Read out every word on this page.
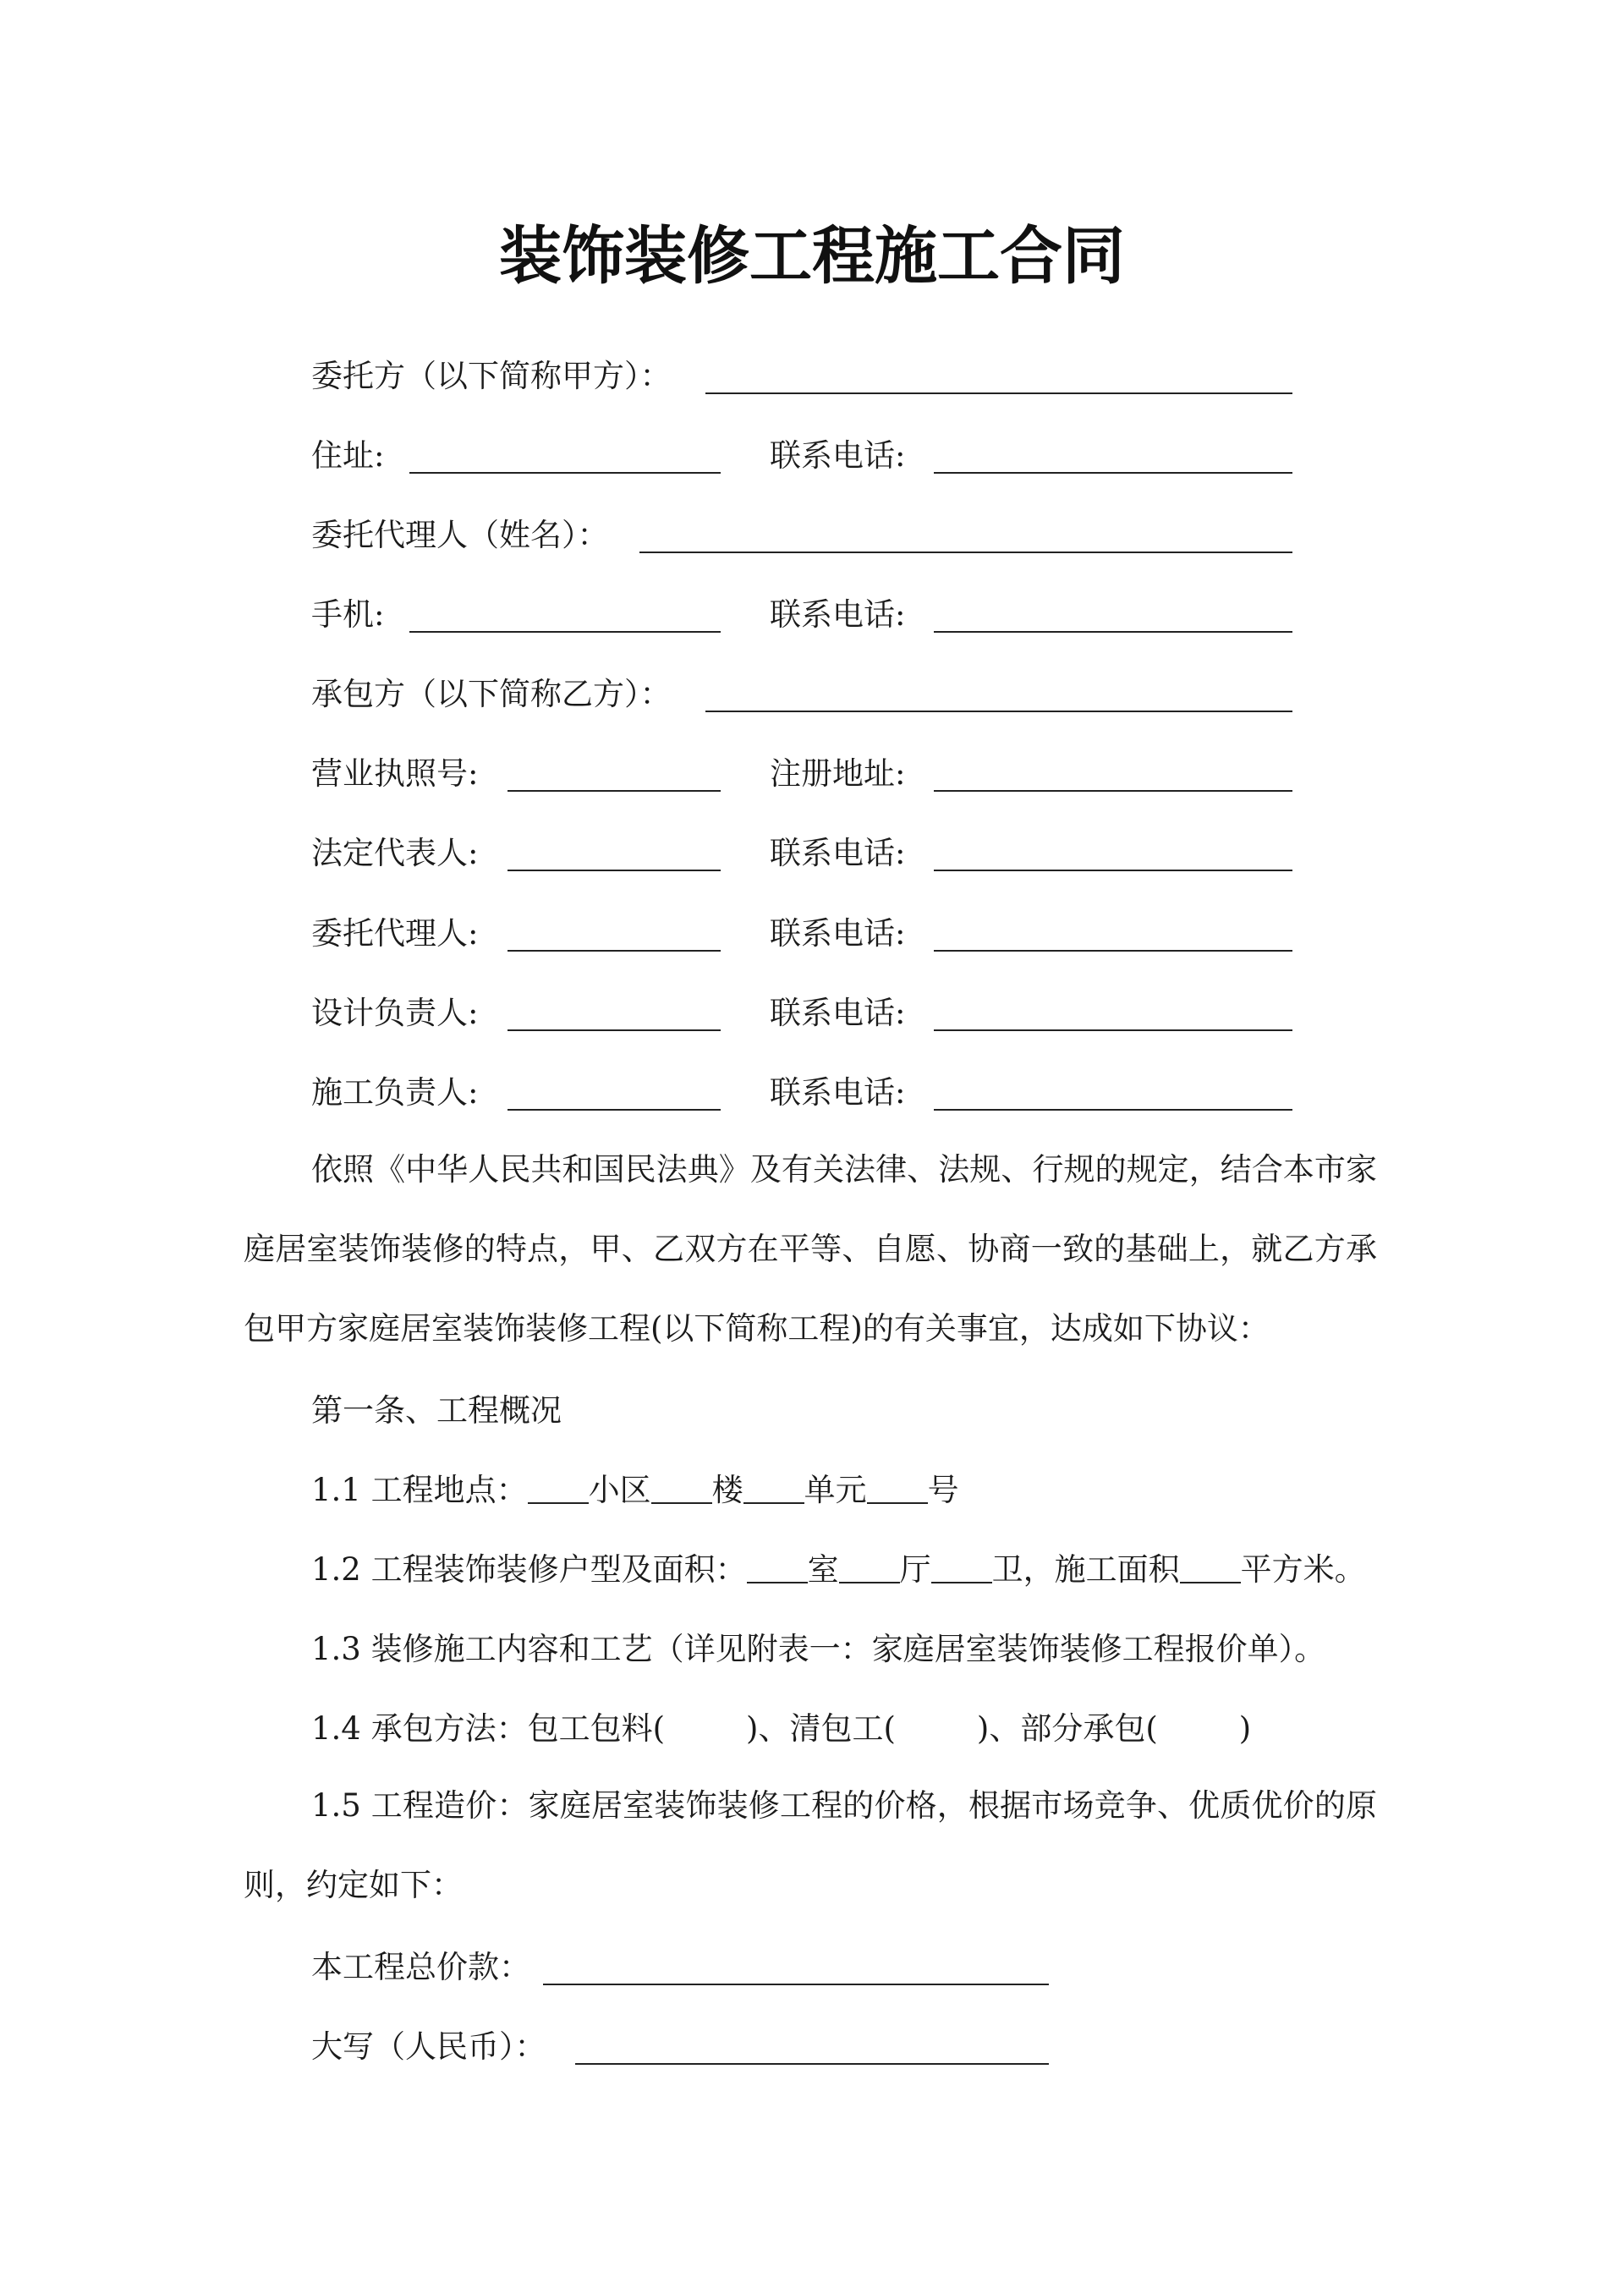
装饰装修工程施工合同
委托方（以下简称甲方）：
住址:	联系电话:
委托代理人（姓名）：
手机:	联系电话:
承包方（以下简称乙方）：
营业执照号:	注册地址:
法定代表人:	联系电话:
委托代理人:	联系电话:
设计负责人:	联系电话:
施工负责人:	联系电话:
依照《中华人民共和国民法典》及有关法律、法规、行规的规定，结合本市家庭居室装饰装修的特点，甲、乙双方在平等、自愿、协商一致的基础上，就乙方承包甲方家庭居室装饰装修工程(以下简称工程)的有关事宜，达成如下协议：
第一条、工程概况
1.1 工程地点： 小区 楼 单元 号
1.2 工程装饰装修户型及面积： 室 厅 卫，施工面积 平方米。
1.3 装修施工内容和工艺（详见附表一：家庭居室装饰装修工程报价单）。
1.4 承包方法：包工包料(	)、清包工(	)、部分承包(	)
1.5 工程造价：家庭居室装饰装修工程的价格，根据市场竞争、优质优价的原则，约定如下：
本工程总价款：
大写（人民币）：
